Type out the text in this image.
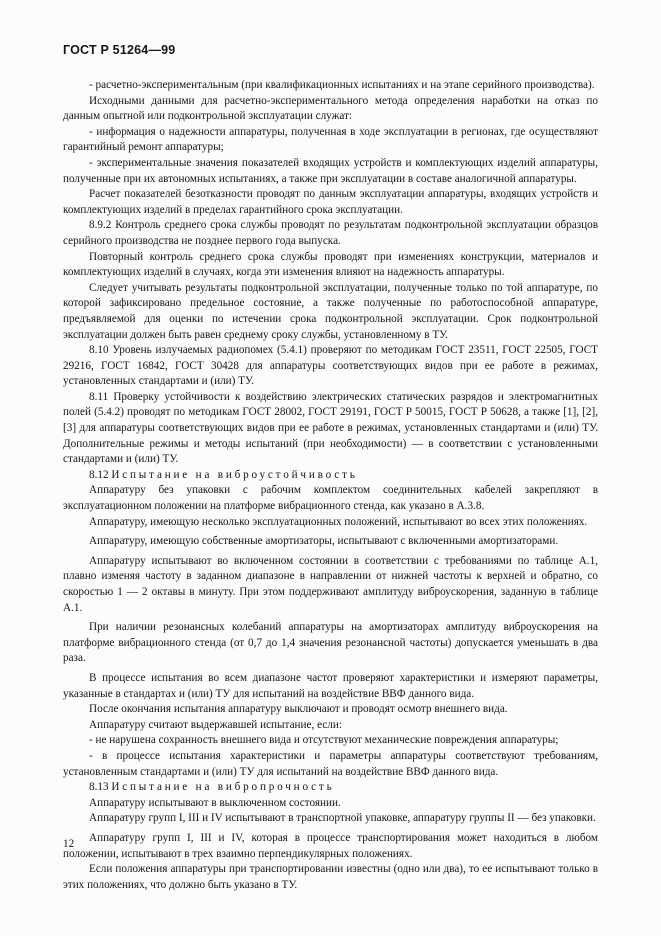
ГОСТ Р 51264—99

- расчетно-экспериментальным (при квалификационных испытаниях и на этапе серийного производства).

Исходными данными для расчетно-экспериментального метода определения наработки на отказ по данным опытной или подконтрольной эксплуатации служат:

- информация о надежности аппаратуры, полученная в ходе эксплуатации в регионах, где осуществляют гарантийный ремонт аппаратуры;

- экспериментальные значения показателей входящих устройств и комплектующих изделий аппаратуры, полученные при их автономных испытаниях, а также при эксплуатации в составе аналогичной аппаратуры.

Расчет показателей безотказности проводят по данным эксплуатации аппаратуры, входящих устройств и комплектующих изделий в пределах гарантийного срока эксплуатации.

8.9.2 Контроль среднего срока службы проводят по результатам подконтрольной эксплуатации образцов серийного производства не позднее первого года выпуска.

Повторный контроль среднего срока службы проводят при изменениях конструкции, материалов и комплектующих изделий в случаях, когда эти изменения влияют на надежность аппаратуры.

Следует учитывать результаты подконтрольной эксплуатации, полученные только по той аппаратуре, по которой зафиксировано предельное состояние, а также полученные по работоспособной аппаратуре, предъявляемой для оценки по истечении срока подконтрольной эксплуатации. Срок подконтрольной эксплуатации должен быть равен среднему сроку службы, установленному в ТУ.

8.10 Уровень излучаемых радиопомех (5.4.1) проверяют по методикам ГОСТ 23511, ГОСТ 22505, ГОСТ 29216, ГОСТ 16842, ГОСТ 30428 для аппаратуры соответствующих видов при ее работе в режимах, установленных стандартами и (или) ТУ.

8.11 Проверку устойчивости к воздействию электрических статических разрядов и электромагнитных полей (5.4.2) проводят по методикам ГОСТ 28002, ГОСТ 29191, ГОСТ Р 50015, ГОСТ Р 50628, а также [1], [2], [3] для аппаратуры соответствующих видов при ее работе в режимах, установленных стандартами и (или) ТУ. Дополнительные режимы и методы испытаний (при необходимости) — в соответствии с установленными стандартами и (или) ТУ.

8.12 Испытание на виброустойчивость

Аппаратуру без упаковки с рабочим комплектом соединительных кабелей закрепляют в эксплуатационном положении на платформе вибрационного стенда, как указано в А.3.8.

Аппаратуру, имеющую несколько эксплуатационных положений, испытывают во всех этих положениях.

Аппаратуру, имеющую собственные амортизаторы, испытывают с включенными амортизаторами.

Аппаратуру испытывают во включенном состоянии в соответствии с требованиями по таблице А.1, плавно изменяя частоту в заданном диапазоне в направлении от нижней частоты к верхней и обратно, со скоростью 1 — 2 октавы в минуту. При этом поддерживают амплитуду виброускорения, заданную в таблице А.1.

При наличии резонансных колебаний аппаратуры на амортизаторах амплитуду виброускорения на платформе вибрационного стенда (от 0,7 до 1,4 значения резонансной частоты) допускается уменьшать в два раза.

В процессе испытания во всем диапазоне частот проверяют характеристики и измеряют параметры, указанные в стандартах и (или) ТУ для испытаний на воздействие ВВФ данного вида.

После окончания испытания аппаратуру выключают и проводят осмотр внешнего вида.

Аппаратуру считают выдержавшей испытание, если:

- не нарушена сохранность внешнего вида и отсутствуют механические повреждения аппаратуры;

- в процессе испытания характеристики и параметры аппаратуры соответствуют требованиям, установленным стандартами и (или) ТУ для испытаний на воздействие ВВФ данного вида.

8.13 Испытание на вибропрочность

Аппаратуру испытывают в выключенном состоянии.

Аппаратуру групп I, III и IV испытывают в транспортной упаковке, аппаратуру группы II — без упаковки.

Аппаратуру групп I, III и IV, которая в процессе транспортирования может находиться в любом положении, испытывают в трех взаимно перпендикулярных положениях.

Если положения аппаратуры при транспортировании известны (одно или два), то ее испытывают только в этих положениях, что должно быть указано в ТУ.

12
